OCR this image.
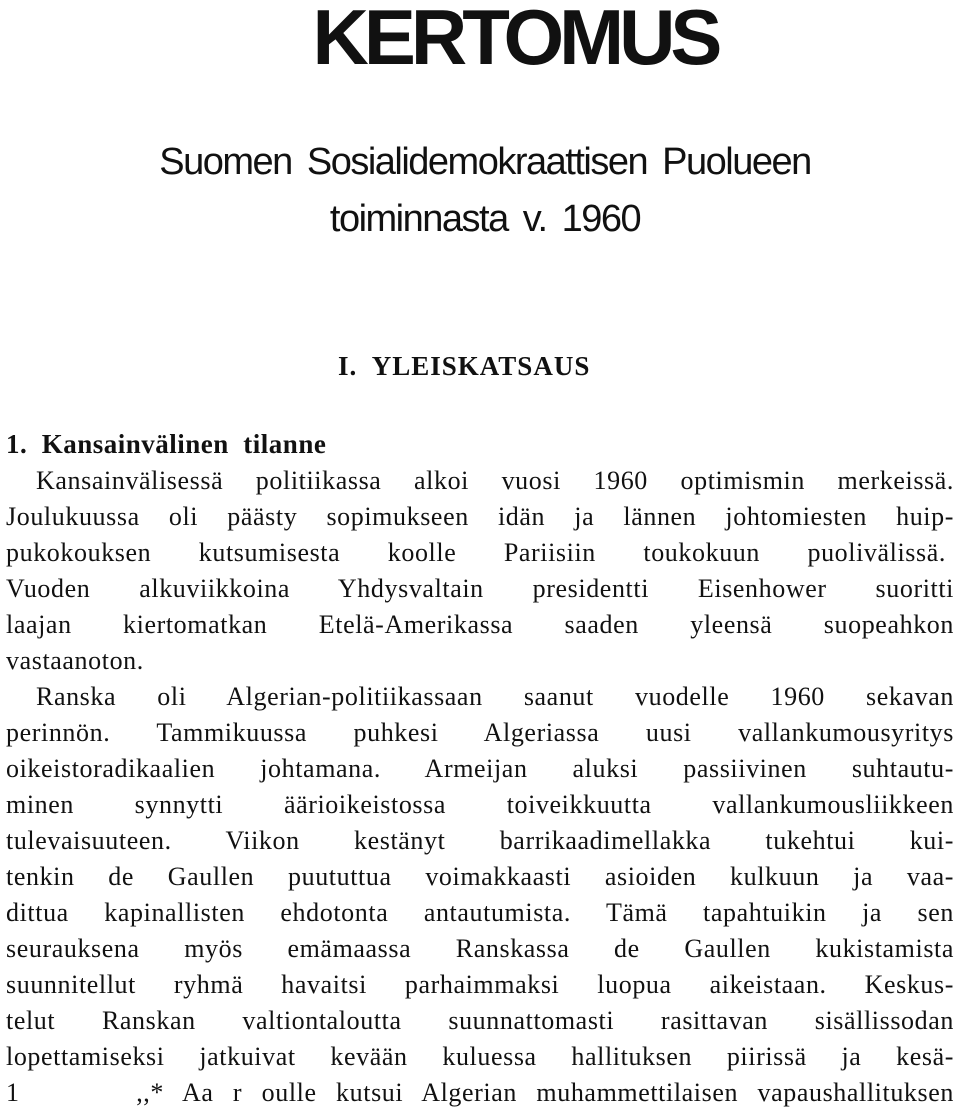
KERTOMUS

Suomen Sosialidemokraattisen Puolueen

toiminnasta v. 1960

I.  YLEISKATSAUS
1.  Kansainvälinen  tilanne
Kansainvälisessä politiikassa alkoi vuosi 1960 optimismin merkeissä.
Joulukuussa oli päästy sopimukseen idän ja lännen johtomiesten huip-
pukokouksen kutsumisesta koolle Pariisiin toukokuun puolivälissä.
Vuoden alkuviikkoina Yhdysvaltain presidentti Eisenhower suoritti
laajan kiertomatkan Etelä-Amerikassa saaden yleensä suopeahkon
vastaanoton.
Ranska oli Algerian-politiikassaan saanut vuodelle 1960 sekavan
perinnön. Tammikuussa puhkesi Algeriassa uusi vallankumousyritys
oikeistoradikaalien johtamana. Armeijan aluksi passiivinen suhtautu-
minen synnytti äärioikeistossa toiveikkuutta vallankumousliikkeen
tulevaisuuteen. Viikon kestänyt barrikaadimellakka tukehtui kui-
tenkin de Gaullen puututtua voimakkaasti asioiden kulkuun ja vaa-
dittua kapinallisten ehdotonta antautumista. Tämä tapahtuikin ja sen
seurauksena myös emämaassa Ranskassa de Gaullen kukistamista
suunnitellut ryhmä havaitsi parhaimmaksi luopua aikeistaan. Keskus-
telut Ranskan valtiontaloutta suunnattomasti rasittavan sisällissodan
lopettamiseksi jatkuivat kevään kuluessa hallituksen piirissä ja kesä-
1      ,,* Aa r oulle kutsui Algerian muhammettilaisen vapaushallituksen
